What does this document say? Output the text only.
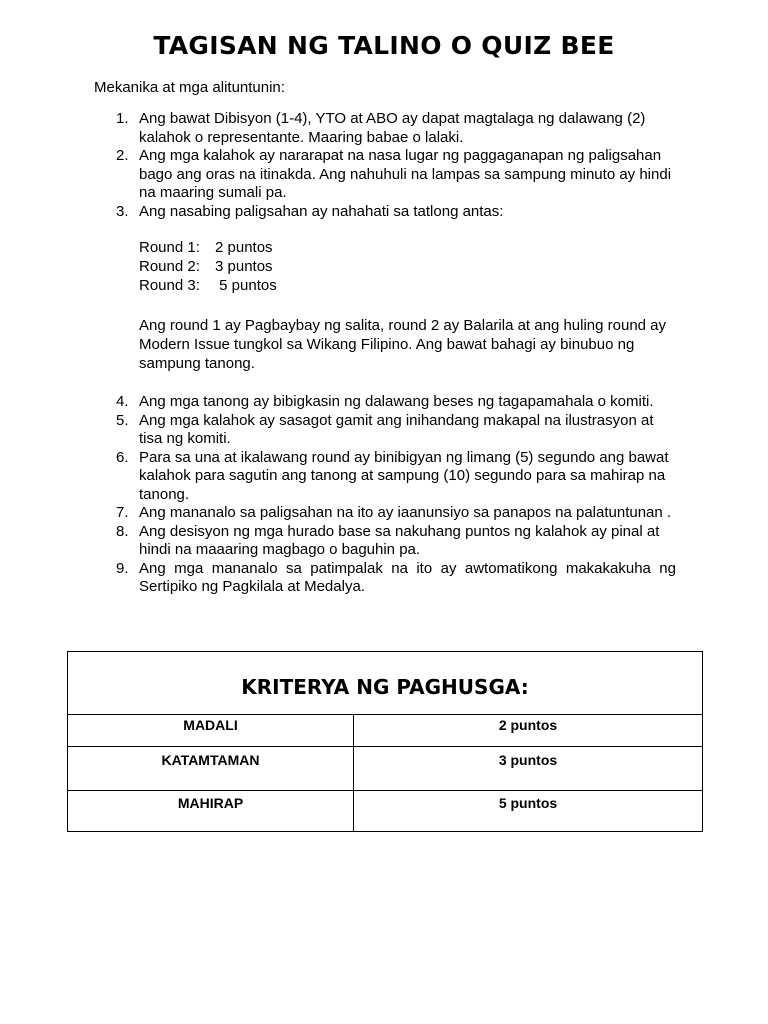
TAGISAN NG TALINO O QUIZ BEE

Mekanika at mga alituntunin:

1. Ang bawat Dibisyon (1-4), YTO at ABO ay dapat magtalaga ng dalawang (2) kalahok o representante. Maaring babae o lalaki.
2. Ang mga kalahok ay nararapat na nasa lugar ng paggaganapan ng paligsahan bago ang oras na itinakda. Ang nahuhuli na lampas sa sampung minuto ay hindi na maaring sumali pa.
3. Ang nasabing paligsahan ay nahahati sa tatlong antas:
Round 1: 2 puntos
Round 2: 3 puntos
Round 3: 5 puntos

Ang round 1 ay Pagbaybay ng salita, round 2 ay Balarila at ang huling round ay Modern Issue tungkol sa Wikang Filipino. Ang bawat bahagi ay binubuo ng sampung tanong.

4. Ang mga tanong ay bibigkasin ng dalawang beses ng tagapamahala o komiti.
5. Ang mga kalahok ay sasagot gamit ang inihandang makapal na ilustrasyon at tisa ng komiti.
6. Para sa una at ikalawang round ay binibigyan ng limang (5) segundo ang bawat kalahok para sagutin ang tanong at sampung (10) segundo para sa mahirap na tanong.
7. Ang mananalo sa paligsahan na ito ay iaanunsiyo sa panapos na palatuntunan .
8. Ang desisyon ng mga hurado base sa nakuhang puntos ng kalahok ay pinal at hindi na maaaring magbago o baguhin pa.
9. Ang mga mananalo sa patimpalak na ito ay awtomatikong makakakuha ng Sertipiko ng Pagkilala at Medalya.
KRITERYA NG PAGHUSGA:	
MADALI	2 puntos
KATAMTAMAN	3 puntos
MAHIRAP	5 puntos
